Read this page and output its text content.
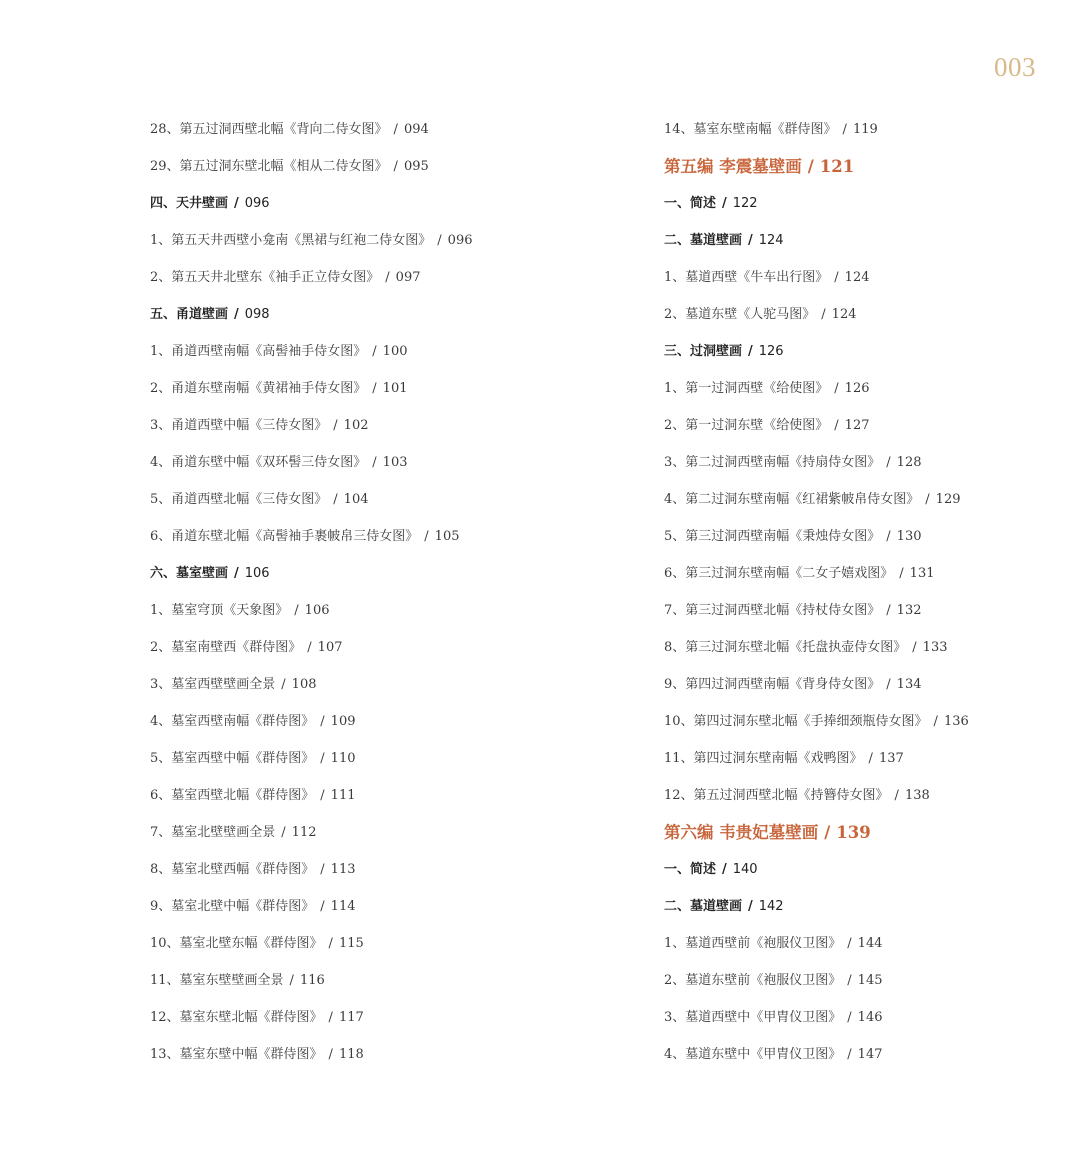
003
28、第五过洞西壁北幅《背向二侍女图》 / 094
29、第五过洞东壁北幅《相从二侍女图》 / 095
四、天井壁画 / 096
1、第五天井西壁小龛南《黑裙与红袍二侍女图》 / 096
2、第五天井北壁东《袖手正立侍女图》 / 097
五、甬道壁画 / 098
1、甬道西壁南幅《高髻袖手侍女图》 / 100
2、甬道东壁南幅《黄裙袖手侍女图》 / 101
3、甬道西壁中幅《三侍女图》 / 102
4、甬道东壁中幅《双环髻三侍女图》 / 103
5、甬道西壁北幅《三侍女图》 / 104
6、甬道东壁北幅《高髻袖手裹帔帛三侍女图》 / 105
六、墓室壁画 / 106
1、墓室穹顶《天象图》 / 106
2、墓室南壁西《群侍图》 / 107
3、墓室西壁壁画全景 / 108
4、墓室西壁南幅《群侍图》 / 109
5、墓室西壁中幅《群侍图》 / 110
6、墓室西壁北幅《群侍图》 / 111
7、墓室北壁壁画全景 / 112
8、墓室北壁西幅《群侍图》 / 113
9、墓室北壁中幅《群侍图》 / 114
10、墓室北壁东幅《群侍图》 / 115
11、墓室东壁壁画全景 / 116
12、墓室东壁北幅《群侍图》 / 117
13、墓室东壁中幅《群侍图》 / 118
14、墓室东壁南幅《群侍图》 / 119
第五编 李震墓壁画 / 121
一、简述 / 122
二、墓道壁画 / 124
1、墓道西壁《牛车出行图》 / 124
2、墓道东壁《人驼马图》 / 124
三、过洞壁画 / 126
1、第一过洞西壁《给使图》 / 126
2、第一过洞东壁《给使图》 / 127
3、第二过洞西壁南幅《持扇侍女图》 / 128
4、第二过洞东壁南幅《红裙紫帔帛侍女图》 / 129
5、第三过洞西壁南幅《秉烛侍女图》 / 130
6、第三过洞东壁南幅《二女子嬉戏图》 / 131
7、第三过洞西壁北幅《持杖侍女图》 / 132
8、第三过洞东壁北幅《托盘执壶侍女图》 / 133
9、第四过洞西壁南幅《背身侍女图》 / 134
10、第四过洞东壁北幅《手捧细颈瓶侍女图》 / 136
11、第四过洞东壁南幅《戏鸭图》 / 137
12、第五过洞西壁北幅《持簪侍女图》 / 138
第六编 韦贵妃墓壁画 / 139
一、简述 / 140
二、墓道壁画 / 142
1、墓道西壁前《袍服仪卫图》 / 144
2、墓道东壁前《袍服仪卫图》 / 145
3、墓道西壁中《甲胄仪卫图》 / 146
4、墓道东壁中《甲胄仪卫图》 / 147
